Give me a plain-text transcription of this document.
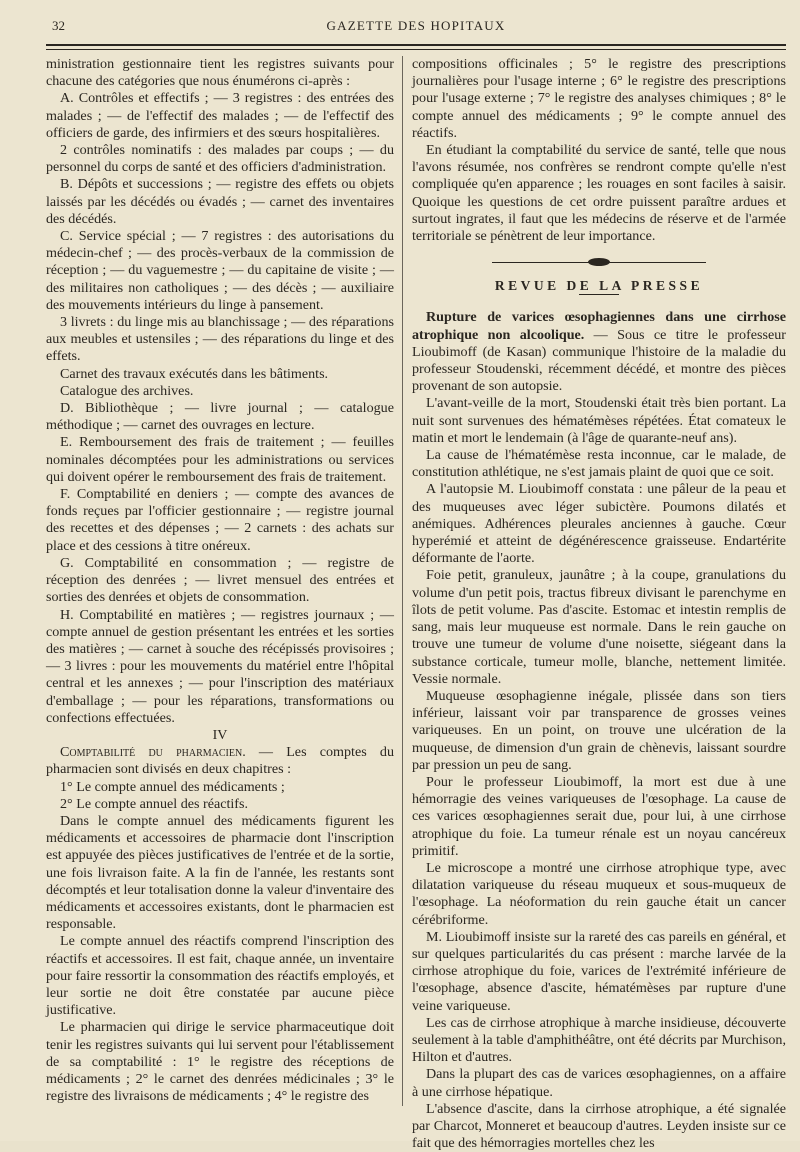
32	GAZETTE DES HOPITAUX

ministration gestionnaire tient les registres suivants pour chacune des catégories que nous énumérons ci-après :

A. Contrôles et effectifs ; — 3 registres : des entrées des malades ; — de l'effectif des malades ; — de l'effectif des officiers de garde, des infirmiers et des sœurs hospitalières.

2 contrôles nominatifs : des malades par coups ; — du personnel du corps de santé et des officiers d'administration.

B. Dépôts et successions ; — registre des effets ou objets laissés par les décédés ou évadés ; — carnet des inventaires des décédés.

C. Service spécial ; — 7 registres : des autorisations du médecin-chef ; — des procès-verbaux de la commission de réception ; — du vaguemestre ; — du capitaine de visite ; — des militaires non catholiques ; — des décès ; — auxiliaire des mouvements intérieurs du linge à pansement.

3 livrets : du linge mis au blanchissage ; — des réparations aux meubles et ustensiles ; — des réparations du linge et des effets.

Carnet des travaux exécutés dans les bâtiments.

Catalogue des archives.

D. Bibliothèque ; — livre journal ; — catalogue méthodique ; — carnet des ouvrages en lecture.

E. Remboursement des frais de traitement ; — feuilles nominales décomptées pour les administrations ou services qui doivent opérer le remboursement des frais de traitement.

F. Comptabilité en deniers ; — compte des avances de fonds reçues par l'officier gestionnaire ; — registre journal des recettes et des dépenses ; — 2 carnets : des achats sur place et des cessions à titre onéreux.

G. Comptabilité en consommation ; — registre de réception des denrées ; — livret mensuel des entrées et sorties des denrées et objets de consommation.

H. Comptabilité en matières ; — registres journaux ; — compte annuel de gestion présentant les entrées et les sorties des matières ; — carnet à souche des récépissés provisoires ; — 3 livres : pour les mouvements du matériel entre l'hôpital central et les annexes ; — pour l'inscription des matériaux d'emballage ; — pour les réparations, transformations ou confections effectuées.

IV

Comptabilité du pharmacien. — Les comptes du pharmacien sont divisés en deux chapitres :

1° Le compte annuel des médicaments ;

2° Le compte annuel des réactifs.

Dans le compte annuel des médicaments figurent les médicaments et accessoires de pharmacie dont l'inscription est appuyée des pièces justificatives de l'entrée et de la sortie, une fois livraison faite. A la fin de l'année, les restants sont décomptés et leur totalisation donne la valeur d'inventaire des médicaments et accessoires existants, dont le pharmacien est responsable.

Le compte annuel des réactifs comprend l'inscription des réactifs et accessoires. Il est fait, chaque année, un inventaire pour faire ressortir la consommation des réactifs employés, et leur sortie ne doit être constatée par aucune pièce justificative.

Le pharmacien qui dirige le service pharmaceutique doit tenir les registres suivants qui lui servent pour l'établissement de sa comptabilité : 1° le registre des réceptions de médicaments ; 2° le carnet des denrées médicinales ; 3° le registre des livraisons de médicaments ; 4° le registre des

compositions officinales ; 5° le registre des prescriptions journalières pour l'usage interne ; 6° le registre des prescriptions pour l'usage externe ; 7° le registre des analyses chimiques ; 8° le compte annuel des médicaments ; 9° le compte annuel des réactifs.

En étudiant la comptabilité du service de santé, telle que nous l'avons résumée, nos confrères se rendront compte qu'elle n'est compliquée qu'en apparence ; les rouages en sont faciles à saisir. Quoique les questions de cet ordre puissent paraître ardues et surtout ingrates, il faut que les médecins de réserve et de l'armée territoriale se pénètrent de leur importance.

REVUE DE LA PRESSE

Rupture de varices œsophagiennes dans une cirrhose atrophique non alcoolique. — Sous ce titre le professeur Lioubimoff (de Kasan) communique l'histoire de la maladie du professeur Stoudenski, récemment décédé, et montre des pièces provenant de son autopsie.

L'avant-veille de la mort, Stoudenski était très bien portant. La nuit sont survenues des hématémèses répétées. État comateux le matin et mort le lendemain (à l'âge de quarante-neuf ans).

La cause de l'hématémèse resta inconnue, car le malade, de constitution athlétique, ne s'est jamais plaint de quoi que ce soit.

A l'autopsie M. Lioubimoff constata : une pâleur de la peau et des muqueuses avec léger subictère. Poumons dilatés et anémiques. Adhérences pleurales anciennes à gauche. Cœur hyperémié et atteint de dégénérescence graisseuse. Endartérite déformante de l'aorte.

Foie petit, granuleux, jaunâtre ; à la coupe, granulations du volume d'un petit pois, tractus fibreux divisant le parenchyme en îlots de petit volume. Pas d'ascite. Estomac et intestin remplis de sang, mais leur muqueuse est normale. Dans le rein gauche on trouve une tumeur de volume d'une noisette, siégeant dans la substance corticale, tumeur molle, blanche, nettement limitée. Vessie normale.

Muqueuse œsophagienne inégale, plissée dans son tiers inférieur, laissant voir par transparence de grosses veines variqueuses. En un point, on trouve une ulcération de la muqueuse, de dimension d'un grain de chènevis, laissant sourdre par pression un peu de sang.

Pour le professeur Lioubimoff, la mort est due à une hémorragie des veines variqueuses de l'œsophage. La cause de ces varices œsophagiennes serait due, pour lui, à une cirrhose atrophique du foie. La tumeur rénale est un noyau cancéreux primitif.

Le microscope a montré une cirrhose atrophique type, avec dilatation variqueuse du réseau muqueux et sous-muqueux de l'œsophage. La néoformation du rein gauche était un cancer cérébriforme.

M. Lioubimoff insiste sur la rareté des cas pareils en général, et sur quelques particularités du cas présent : marche larvée de la cirrhose atrophique du foie, varices de l'extrémité inférieure de l'œsophage, absence d'ascite, hématémèses par rupture d'une veine variqueuse.

Les cas de cirrhose atrophique à marche insidieuse, découverte seulement à la table d'amphithéâtre, ont été décrits par Murchison, Hilton et d'autres.

Dans la plupart des cas de varices œsophagiennes, on a affaire à une cirrhose hépatique.

L'absence d'ascite, dans la cirrhose atrophique, a été signalée par Charcot, Monneret et beaucoup d'autres. Leyden insiste sur ce fait que des hémorragies mortelles chez les
